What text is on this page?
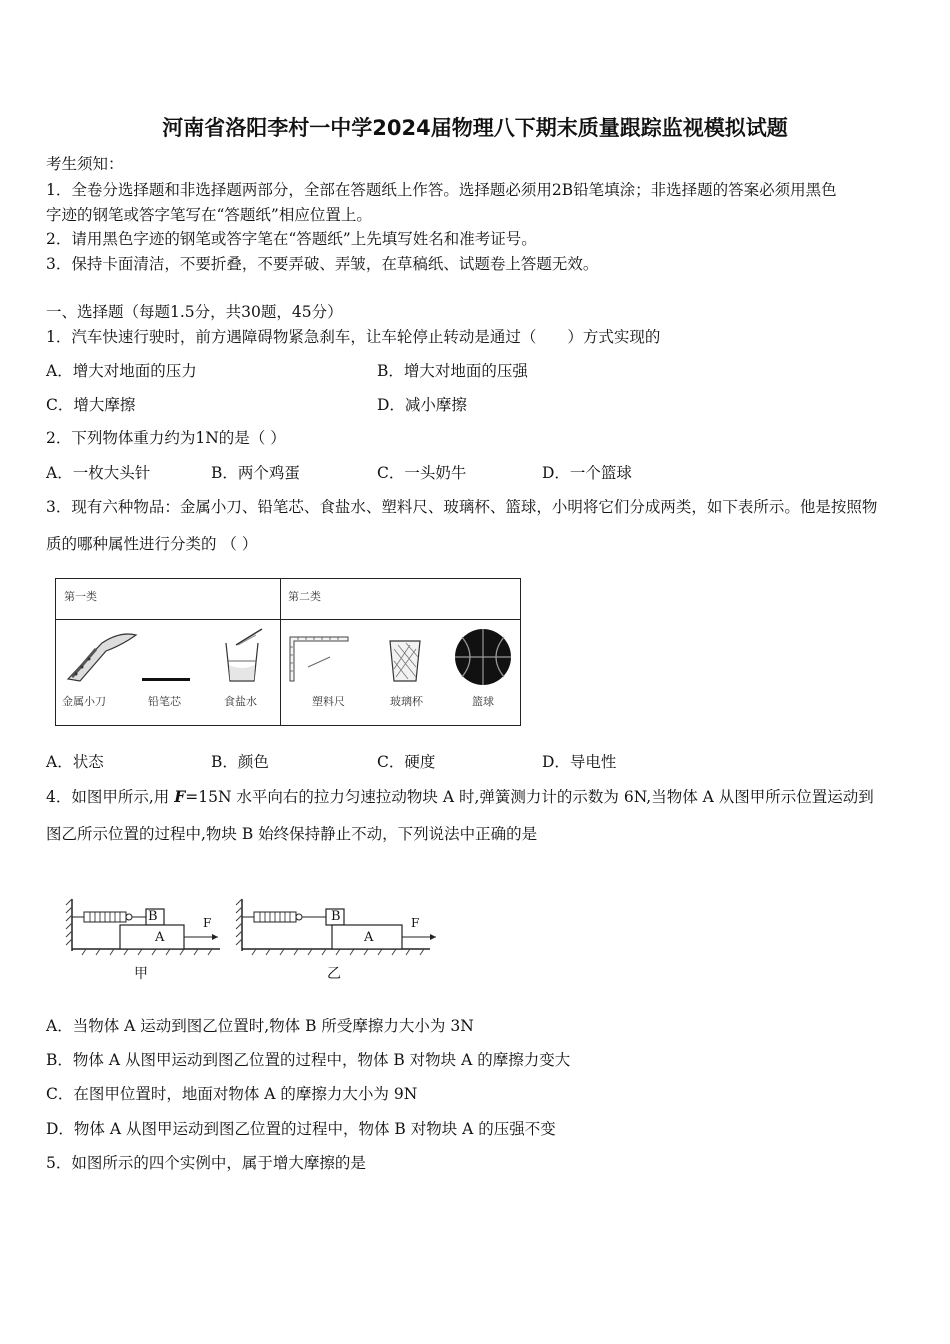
河南省洛阳李村一中学2024届物理八下期末质量跟踪监视模拟试题
考生须知：
1．全卷分选择题和非选择题两部分，全部在答题纸上作答。选择题必须用2B铅笔填涂；非选择题的答案必须用黑色
字迹的钢笔或答字笔写在“答题纸”相应位置上。
2．请用黑色字迹的钢笔或答字笔在“答题纸”上先填写姓名和准考证号。
3．保持卡面清洁，不要折叠，不要弄破、弄皱，在草稿纸、试题卷上答题无效。
一、选择题（每题1.5分，共30题，45分）
1．汽车快速行驶时，前方遇障碍物紧急刹车，让车轮停止转动是通过（　　）方式实现的
A．增大对地面的压力	B．增大对地面的压强
C．增大摩擦	D．减小摩擦
2．下列物体重力约为1N的是（ ）
A．一枚大头针	B．两个鸡蛋	C．一头奶牛	D．一个篮球
3．现有六种物品：金属小刀、铅笔芯、食盐水、塑料尺、玻璃杯、篮球，小明将它们分成两类，如下表所示。他是按照物
质的哪种属性进行分类的 （ ）
第一类	第二类
金属小刀	铅笔芯	食盐水	塑料尺	玻璃杯	篮球
A．状态	B．颜色	C．硬度	D．导电性
4．如图甲所示,用 F=15N 水平向右的拉力匀速拉动物块 A 时,弹簧测力计的示数为 6N,当物体 A 从图甲所示位置运动到
图乙所示位置的过程中,物块 B 始终保持静止不动，下列说法中正确的是
B
A
F
甲
B
A
F
乙
A．当物体 A 运动到图乙位置时,物体 B 所受摩擦力大小为 3N
B．物体 A 从图甲运动到图乙位置的过程中，物体 B 对物块 A 的摩擦力变大
C．在图甲位置时，地面对物体 A 的摩擦力大小为 9N
D．物体 A 从图甲运动到图乙位置的过程中，物体 B 对物块 A 的压强不变
5．如图所示的四个实例中，属于增大摩擦的是
